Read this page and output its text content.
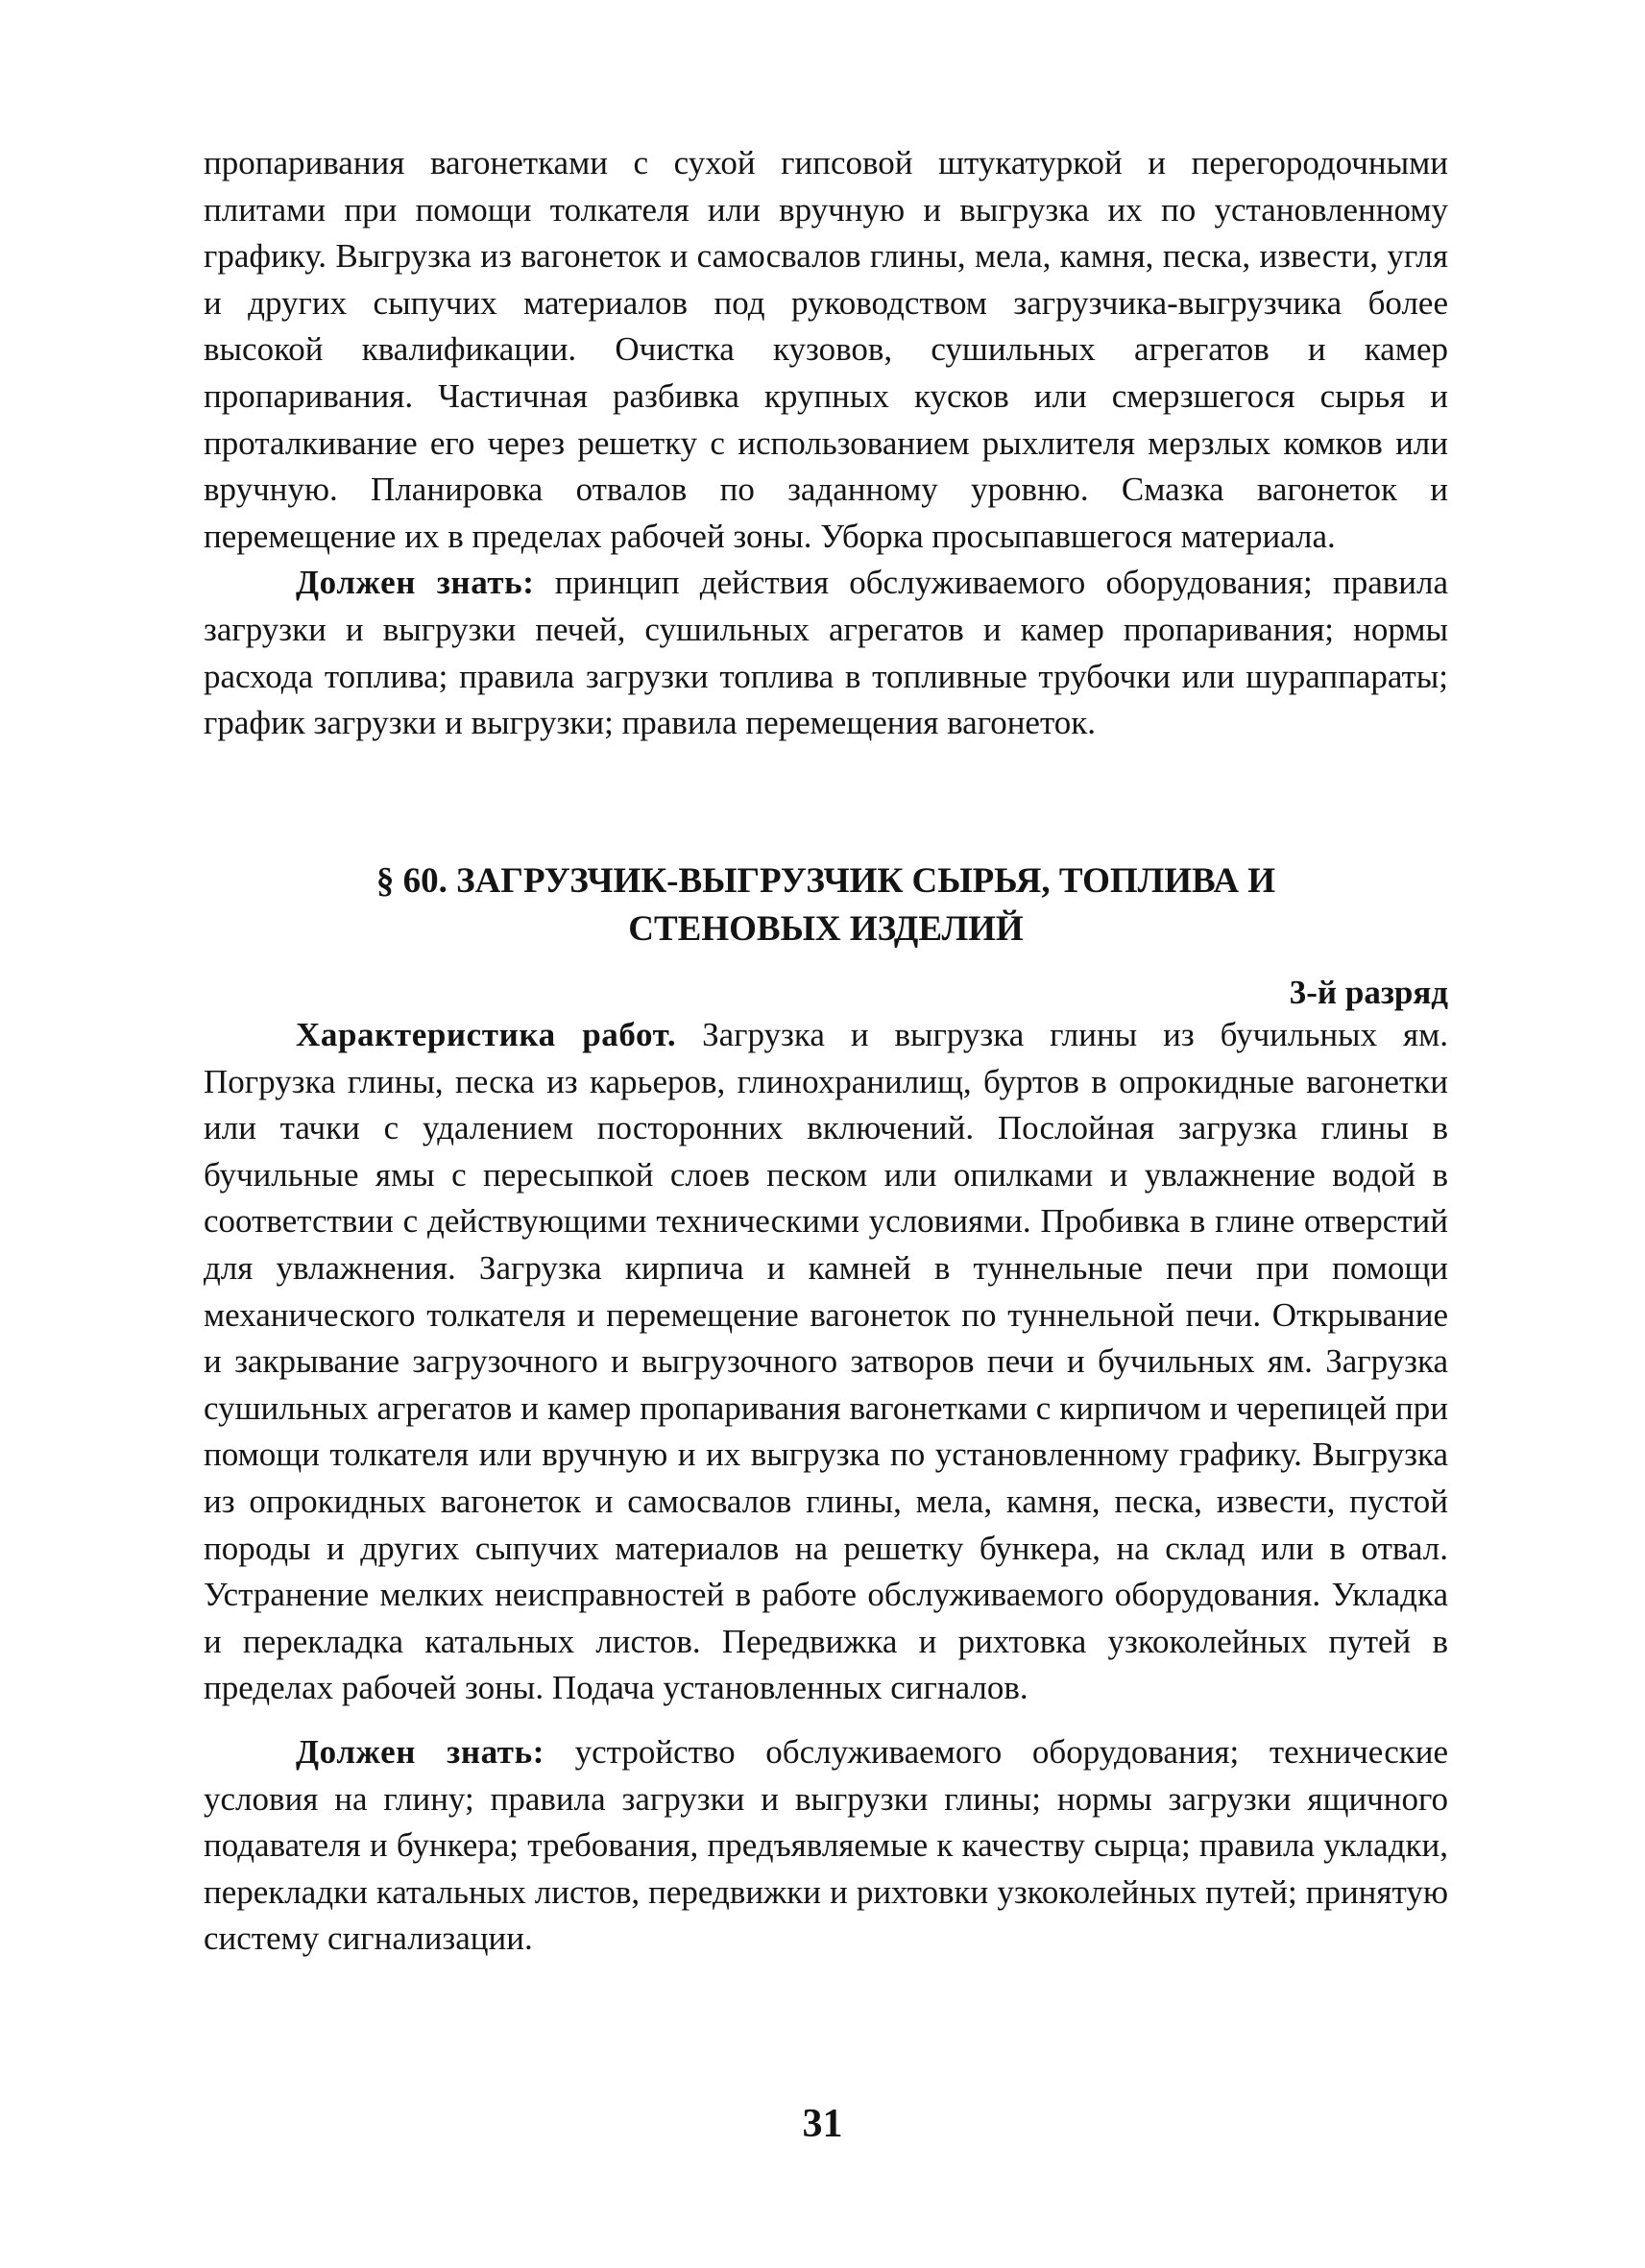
пропаривания вагонетками с сухой гипсовой штукатуркой и перегородочными плитами при помощи толкателя или вручную и выгрузка их по установленному графику. Выгрузка из вагонеток и самосвалов глины, мела, камня, песка, извести, угля и других сыпучих материалов под руководством загрузчика-выгрузчика более высокой квалификации. Очистка кузовов, сушильных агрегатов и камер пропаривания. Частичная разбивка крупных кусков или смерзшегося сырья и проталкивание его через решетку с использованием рыхлителя мерзлых комков или вручную. Планировка отвалов по заданному уровню. Смазка вагонеток и перемещение их в пределах рабочей зоны. Уборка просыпавшегося материала.

Должен знать: принцип действия обслуживаемого оборудования; правила загрузки и выгрузки печей, сушильных агрегатов и камер пропаривания; нормы расхода топлива; правила загрузки топлива в топливные трубочки или шураппараты; график загрузки и выгрузки; правила перемещения вагонеток.

§ 60. ЗАГРУЗЧИК-ВЫГРУЗЧИК СЫРЬЯ, ТОПЛИВА И
СТЕНОВЫХ ИЗДЕЛИЙ

3-й разряд

Характеристика работ. Загрузка и выгрузка глины из бучильных ям. Погрузка глины, песка из карьеров, глинохранилищ, буртов в опрокидные вагонетки или тачки с удалением посторонних включений. Послойная загрузка глины в бучильные ямы с пересыпкой слоев песком или опилками и увлажнение водой в соответствии с действующими техническими условиями. Пробивка в глине отверстий для увлажнения. Загрузка кирпича и камней в туннельные печи при помощи механического толкателя и перемещение вагонеток по туннельной печи. Открывание и закрывание загрузочного и выгрузочного затворов печи и бучильных ям. Загрузка сушильных агрегатов и камер пропаривания вагонетками с кирпичом и черепицей при помощи толкателя или вручную и их выгрузка по установленному графику. Выгрузка из опрокидных вагонеток и самосвалов глины, мела, камня, песка, извести, пустой породы и других сыпучих материалов на решетку бункера, на склад или в отвал. Устранение мелких неисправностей в работе обслуживаемого оборудования. Укладка и перекладка катальных листов. Передвижка и рихтовка узкоколейных путей в пределах рабочей зоны. Подача установленных сигналов.

Должен знать: устройство обслуживаемого оборудования; технические условия на глину; правила загрузки и выгрузки глины; нормы загрузки ящичного подавателя и бункера; требования, предъявляемые к качеству сырца; правила укладки, перекладки катальных листов, передвижки и рихтовки узкоколейных путей; принятую систему сигнализации.

31
